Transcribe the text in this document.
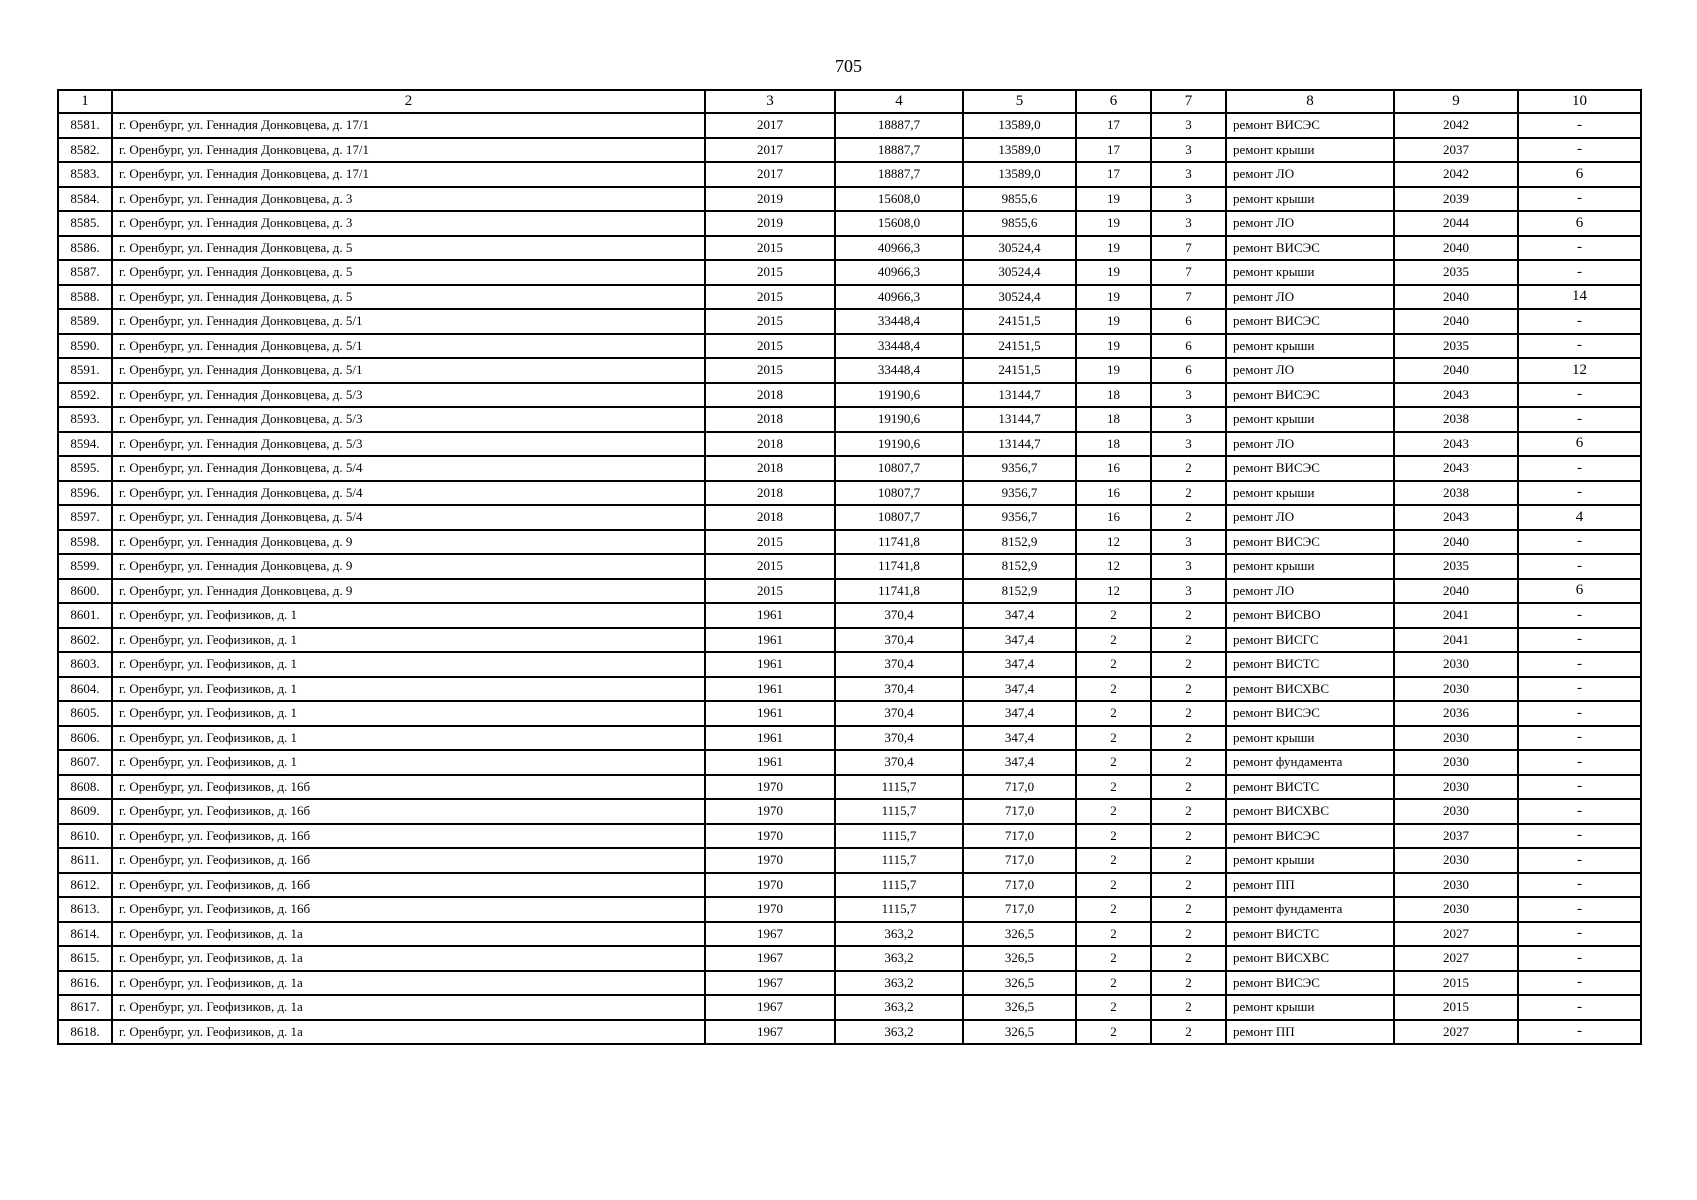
705
1	2	3	4	5	6	7	8	9	10
8581.	г. Оренбург, ул. Геннадия Донковцева, д. 17/1	2017	18887,7	13589,0	17	3	ремонт ВИСЭС	2042	-
8582.	г. Оренбург, ул. Геннадия Донковцева, д. 17/1	2017	18887,7	13589,0	17	3	ремонт крыши	2037	-
8583.	г. Оренбург, ул. Геннадия Донковцева, д. 17/1	2017	18887,7	13589,0	17	3	ремонт ЛО	2042	6
8584.	г. Оренбург, ул. Геннадия Донковцева, д. 3	2019	15608,0	9855,6	19	3	ремонт крыши	2039	-
8585.	г. Оренбург, ул. Геннадия Донковцева, д. 3	2019	15608,0	9855,6	19	3	ремонт ЛО	2044	6
8586.	г. Оренбург, ул. Геннадия Донковцева, д. 5	2015	40966,3	30524,4	19	7	ремонт ВИСЭС	2040	-
8587.	г. Оренбург, ул. Геннадия Донковцева, д. 5	2015	40966,3	30524,4	19	7	ремонт крыши	2035	-
8588.	г. Оренбург, ул. Геннадия Донковцева, д. 5	2015	40966,3	30524,4	19	7	ремонт ЛО	2040	14
8589.	г. Оренбург, ул. Геннадия Донковцева, д. 5/1	2015	33448,4	24151,5	19	6	ремонт ВИСЭС	2040	-
8590.	г. Оренбург, ул. Геннадия Донковцева, д. 5/1	2015	33448,4	24151,5	19	6	ремонт крыши	2035	-
8591.	г. Оренбург, ул. Геннадия Донковцева, д. 5/1	2015	33448,4	24151,5	19	6	ремонт ЛО	2040	12
8592.	г. Оренбург, ул. Геннадия Донковцева, д. 5/3	2018	19190,6	13144,7	18	3	ремонт ВИСЭС	2043	-
8593.	г. Оренбург, ул. Геннадия Донковцева, д. 5/3	2018	19190,6	13144,7	18	3	ремонт крыши	2038	-
8594.	г. Оренбург, ул. Геннадия Донковцева, д. 5/3	2018	19190,6	13144,7	18	3	ремонт ЛО	2043	6
8595.	г. Оренбург, ул. Геннадия Донковцева, д. 5/4	2018	10807,7	9356,7	16	2	ремонт ВИСЭС	2043	-
8596.	г. Оренбург, ул. Геннадия Донковцева, д. 5/4	2018	10807,7	9356,7	16	2	ремонт крыши	2038	-
8597.	г. Оренбург, ул. Геннадия Донковцева, д. 5/4	2018	10807,7	9356,7	16	2	ремонт ЛО	2043	4
8598.	г. Оренбург, ул. Геннадия Донковцева, д. 9	2015	11741,8	8152,9	12	3	ремонт ВИСЭС	2040	-
8599.	г. Оренбург, ул. Геннадия Донковцева, д. 9	2015	11741,8	8152,9	12	3	ремонт крыши	2035	-
8600.	г. Оренбург, ул. Геннадия Донковцева, д. 9	2015	11741,8	8152,9	12	3	ремонт ЛО	2040	6
8601.	г. Оренбург, ул. Геофизиков, д. 1	1961	370,4	347,4	2	2	ремонт ВИСВО	2041	-
8602.	г. Оренбург, ул. Геофизиков, д. 1	1961	370,4	347,4	2	2	ремонт ВИСГС	2041	-
8603.	г. Оренбург, ул. Геофизиков, д. 1	1961	370,4	347,4	2	2	ремонт ВИСТС	2030	-
8604.	г. Оренбург, ул. Геофизиков, д. 1	1961	370,4	347,4	2	2	ремонт ВИСХВС	2030	-
8605.	г. Оренбург, ул. Геофизиков, д. 1	1961	370,4	347,4	2	2	ремонт ВИСЭС	2036	-
8606.	г. Оренбург, ул. Геофизиков, д. 1	1961	370,4	347,4	2	2	ремонт крыши	2030	-
8607.	г. Оренбург, ул. Геофизиков, д. 1	1961	370,4	347,4	2	2	ремонт фундамента	2030	-
8608.	г. Оренбург, ул. Геофизиков, д. 16б	1970	1115,7	717,0	2	2	ремонт ВИСТС	2030	-
8609.	г. Оренбург, ул. Геофизиков, д. 16б	1970	1115,7	717,0	2	2	ремонт ВИСХВС	2030	-
8610.	г. Оренбург, ул. Геофизиков, д. 16б	1970	1115,7	717,0	2	2	ремонт ВИСЭС	2037	-
8611.	г. Оренбург, ул. Геофизиков, д. 16б	1970	1115,7	717,0	2	2	ремонт крыши	2030	-
8612.	г. Оренбург, ул. Геофизиков, д. 16б	1970	1115,7	717,0	2	2	ремонт ПП	2030	-
8613.	г. Оренбург, ул. Геофизиков, д. 16б	1970	1115,7	717,0	2	2	ремонт фундамента	2030	-
8614.	г. Оренбург, ул. Геофизиков, д. 1а	1967	363,2	326,5	2	2	ремонт ВИСТС	2027	-
8615.	г. Оренбург, ул. Геофизиков, д. 1а	1967	363,2	326,5	2	2	ремонт ВИСХВС	2027	-
8616.	г. Оренбург, ул. Геофизиков, д. 1а	1967	363,2	326,5	2	2	ремонт ВИСЭС	2015	-
8617.	г. Оренбург, ул. Геофизиков, д. 1а	1967	363,2	326,5	2	2	ремонт крыши	2015	-
8618.	г. Оренбург, ул. Геофизиков, д. 1а	1967	363,2	326,5	2	2	ремонт ПП	2027	-
